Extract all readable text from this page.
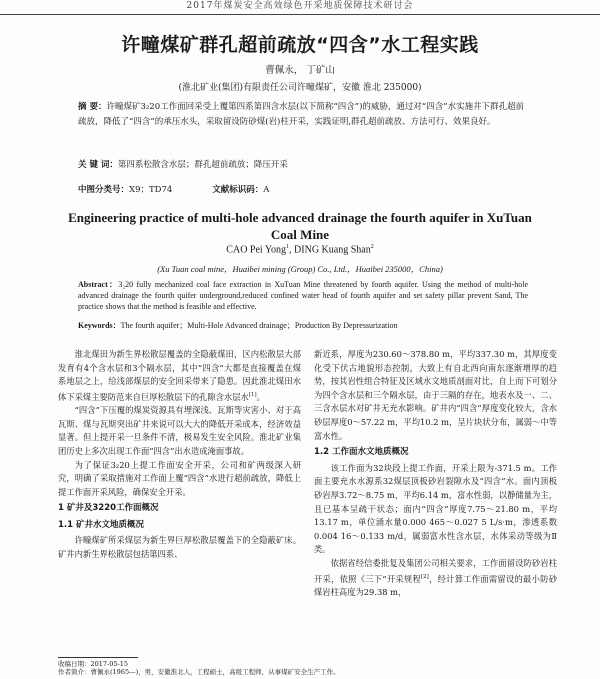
2017年煤炭安全高效绿色开采地质保障技术研讨会
许疃煤矿群孔超前疏放“四含”水工程实践
曹佩永， 丁矿山
(淮北矿业(集团)有限责任公司许疃煤矿，安徽 淮北 235000)
摘 要：许疃煤矿3₂20工作面回采受上覆第四系第四含水层(以下简称“四含”)的威胁，通过对“四含”水实施井下群孔超前疏放，降低了“四含”的承压水头，采取留设防砂煤(岩)柱开采，实践证明,群孔超前疏放、方法可行、效果良好。
关 键 词：第四系松散含水层；群孔超前疏放；降压开采
中图分类号：X9；TD74	文献标识码：A
Engineering practice of multi-hole advanced drainage the fourth aquifer in XuTuan Coal Mine
CAO Pei Yong$^1$, DING Kuang Shan$^2$
(Xu Tuan coal mine，Huaibei mining (Group) Co., Ltd.，Huaibei 235000，China)
Abstract：3₂20 fully mechanized coal face extraction in XuTuan Mine threatened by fourth aquifer. Using the method of multi-hole advanced drainage the fourth quifer underground,reduced confined water head of fourth aquifer and set safety pillar prevent Sand, The practice shows that the method is feasible and effective.
Keywords：The fourth aquifer；Multi-Hole Advanced drainage；Production By Depressurization

淮北煤田为新生界松散层覆盖的全隐蔽煤田，区内松散层大部发育有4个含水层和3个隔水层，其中“四含”大都是直接覆盖在煤系地层之上，给浅部煤层的安全回采带来了隐患。因此淮北煤田水体下采煤主要防范来自巨厚松散层下的孔隙含水层水[1]。

“四含”下压覆的煤炭资源具有埋深浅、瓦斯等灾害小、对于高瓦斯、煤与瓦斯突出矿井来说可以大大的降低开采成本，经济效益显著。但上提开采一旦条件不清，极易发生安全风险。淮北矿业集团历史上多次出现工作面“四含”出水造成淹面事故。

为了保证3₂20上提工作面安全开采，公司和矿两级深入研究，明确了采取措施对工作面上覆“四含”水进行超前疏放，降低上提工作面开采风险，确保安全开采。

1 矿井及3220工作面概况
1.1 矿井水文地质概况

许疃煤矿所采煤层为新生界巨厚松散层覆盖下的全隐蔽矿床。矿井内新生界松散层包括第四系、

新近系，厚度为230.60～378.80 m，平均337.30 m，其厚度变化受下伏古地貌形态控制，大致上有自北西向南东逐渐增厚的趋势，按其岩性组合特征及区域水文地质剖面对比，自上而下可划分为四个含水层和三个隔水层，由于三隔的存在，地表水及一、二、三含水层水对矿井无充水影响。矿井内“四含”厚度变化较大，含水砂层厚度0～57.22 m，平均10.2 m，呈片块状分布，属弱～中等富水性。

1.2 工作面水文地质概况

该工作面为32块段上提工作面，开采上限为-371.5 m。工作面主要充水水源系32煤层顶板砂岩裂隙水及“四含”水。面内顶板砂岩厚3.72～8.75 m，平均6.14 m，富水性弱，以静储量为主，且已基本呈疏干状态；面内“四含”厚度7.75～21.80 m，平均13.17 m，单位涌水量0.000 465～0.027 5 L/s·m，渗透系数0.004 16～0.133 m/d，属弱富水性含水层，水体采动等级为Ⅱ类。

依据省经信委批复及集团公司相关要求，工作面留设防砂岩柱开采，依照《三下”开采规程[2]，经计算工作面需留设的最小防砂煤岩柱高度为29.38 m，

收稿日期：2017-05-15
作者简介：曹佩永(1965—)，男，安徽淮北人，工程硕士，高级工程师，从事煤矿安全生产工作。
